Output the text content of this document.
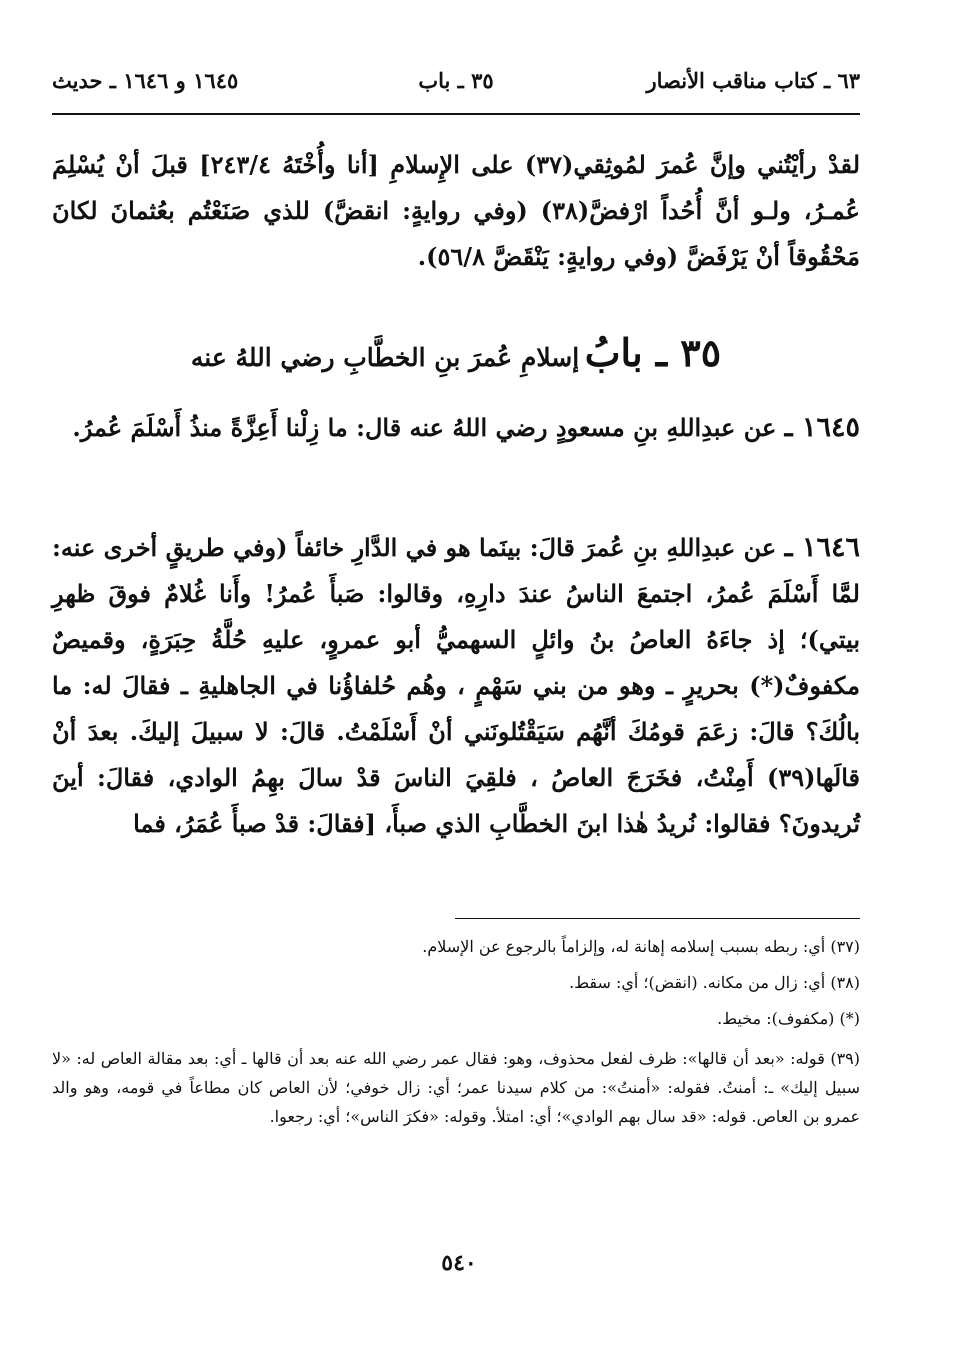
٦٣ ـ كتاب مناقب الأنصار
٣٥ ـ باب
١٦٤٥ و ١٦٤٦ ـ حديث

لقدْ رأيْتُني وإنَّ عُمرَ لمُوثِقي(٣٧) على الإِسلامِ [أنا وأُخْتَهُ ٢٤٣/٤] قبلَ أنْ يُسْلِمَ عُمـرُ، ولـو أنَّ أُحُداً ارْفضَّ(٣٨) (وفي روايةٍ: انقضَّ) للذي صَنَعْتُم بعُثمانَ لكانَ مَحْقُوقاً أنْ يَرْفَضَّ (وفي روايةٍ: يَنْقَضَّ ٥٦/٨).

٣٥ ـ بابُ إسلامِ عُمرَ بنِ الخطَّابِ رضي اللهُ عنه

١٦٤٥ ـ عن عبدِاللهِ بنِ مسعودٍ رضي اللهُ عنه قال: ما زِلْنا أَعِزَّةً منذُ أَسْلَمَ عُمرُ.

١٦٤٦ ـ عن عبدِاللهِ بنِ عُمرَ قالَ: بينَما هو في الدَّارِ خائفاً (وفي طريقٍ أخرى عنه: لمَّا أَسْلَمَ عُمرُ، اجتمعَ الناسُ عندَ دارِهِ، وقالوا: صَبأَ عُمرُ! وأَنا غُلامٌ فوقَ ظهرِ بيتي)؛ إذ جاءَهُ العاصُ بنُ وائلٍ السهميُّ أبو عمروٍ، عليهِ حُلَّةُ حِبَرَةٍ، وقميصٌ مكفوفٌ(*) بحريرٍ ـ وهو من بني سَهْمٍ ، وهُم حُلفاؤُنا في الجاهليةِ ـ فقالَ له: ما بالُكَ؟ قالَ: زعَمَ قومُكَ أنَّهُم سَيَقْتُلونَني أنْ أَسْلَمْتُ. قالَ: لا سبيلَ إليكَ. بعدَ أنْ قالَها(٣٩) أَمِنْتُ، فخَرَجَ العاصُ ، فلقِيَ الناسَ قدْ سالَ بهِمُ الوادي، فقالَ: أينَ تُريدونَ؟ فقالوا: نُريدُ هٰذا ابنَ الخطَّابِ الذي صبأَ، [فقالَ: قدْ صبأَ عُمَرُ، فما

(٣٧) أي: ربطه بسبب إسلامه إهانة له، وإلزاماً بالرجوع عن الإسلام.

(٣٨) أي: زال من مكانه. (انقض)؛ أي: سقط.

(*) (مكفوف): مخيط.

(٣٩) قوله: «بعد أن قالها»: ظرف لفعل محذوف، وهو: فقال عمر رضي الله عنه بعد أن قالها ـ أي: بعد مقالة العاص له: «لا سبيل إليك» ـ: أمنتُ. فقوله: «أمنتُ»: من كلام سيدنا عمر؛ أي: زال خوفي؛ لأن العاص كان مطاعاً في قومه، وهو والد عمرو بن العاص. قوله: «قد سال بهم الوادي»؛ أي: امتلأ. وقوله: «فكرَ الناس»؛ أي: رجعوا.

٥٤٠
